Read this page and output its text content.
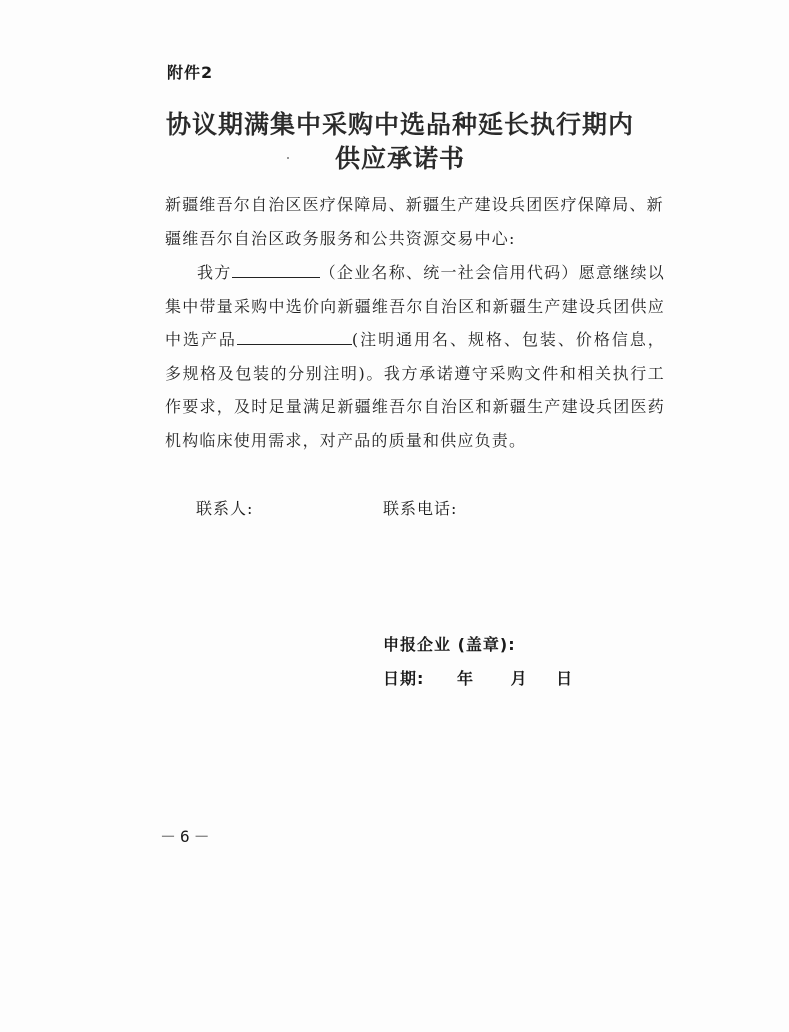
附件2
协议期满集中采购中选品种延长执行期内
供应承诺书
新疆维吾尔自治区医疗保障局、新疆生产建设兵团医疗保障局、新疆维吾尔自治区政务服务和公共资源交易中心:

我方	（企业名称、统一社会信用代码）愿意继续以集中带量采购中选价向新疆维吾尔自治区和新疆生产建设兵团供应中选产品	(注明通用名、规格、包装、价格信息，多规格及包装的分别注明)。我方承诺遵守采购文件和相关执行工作要求，及时足量满足新疆维吾尔自治区和新疆生产建设兵团医药机构临床使用需求，对产品的质量和供应负责。

联系人:	联系电话:
申报企业 (盖章):
日期: 年 月 日
－6－
